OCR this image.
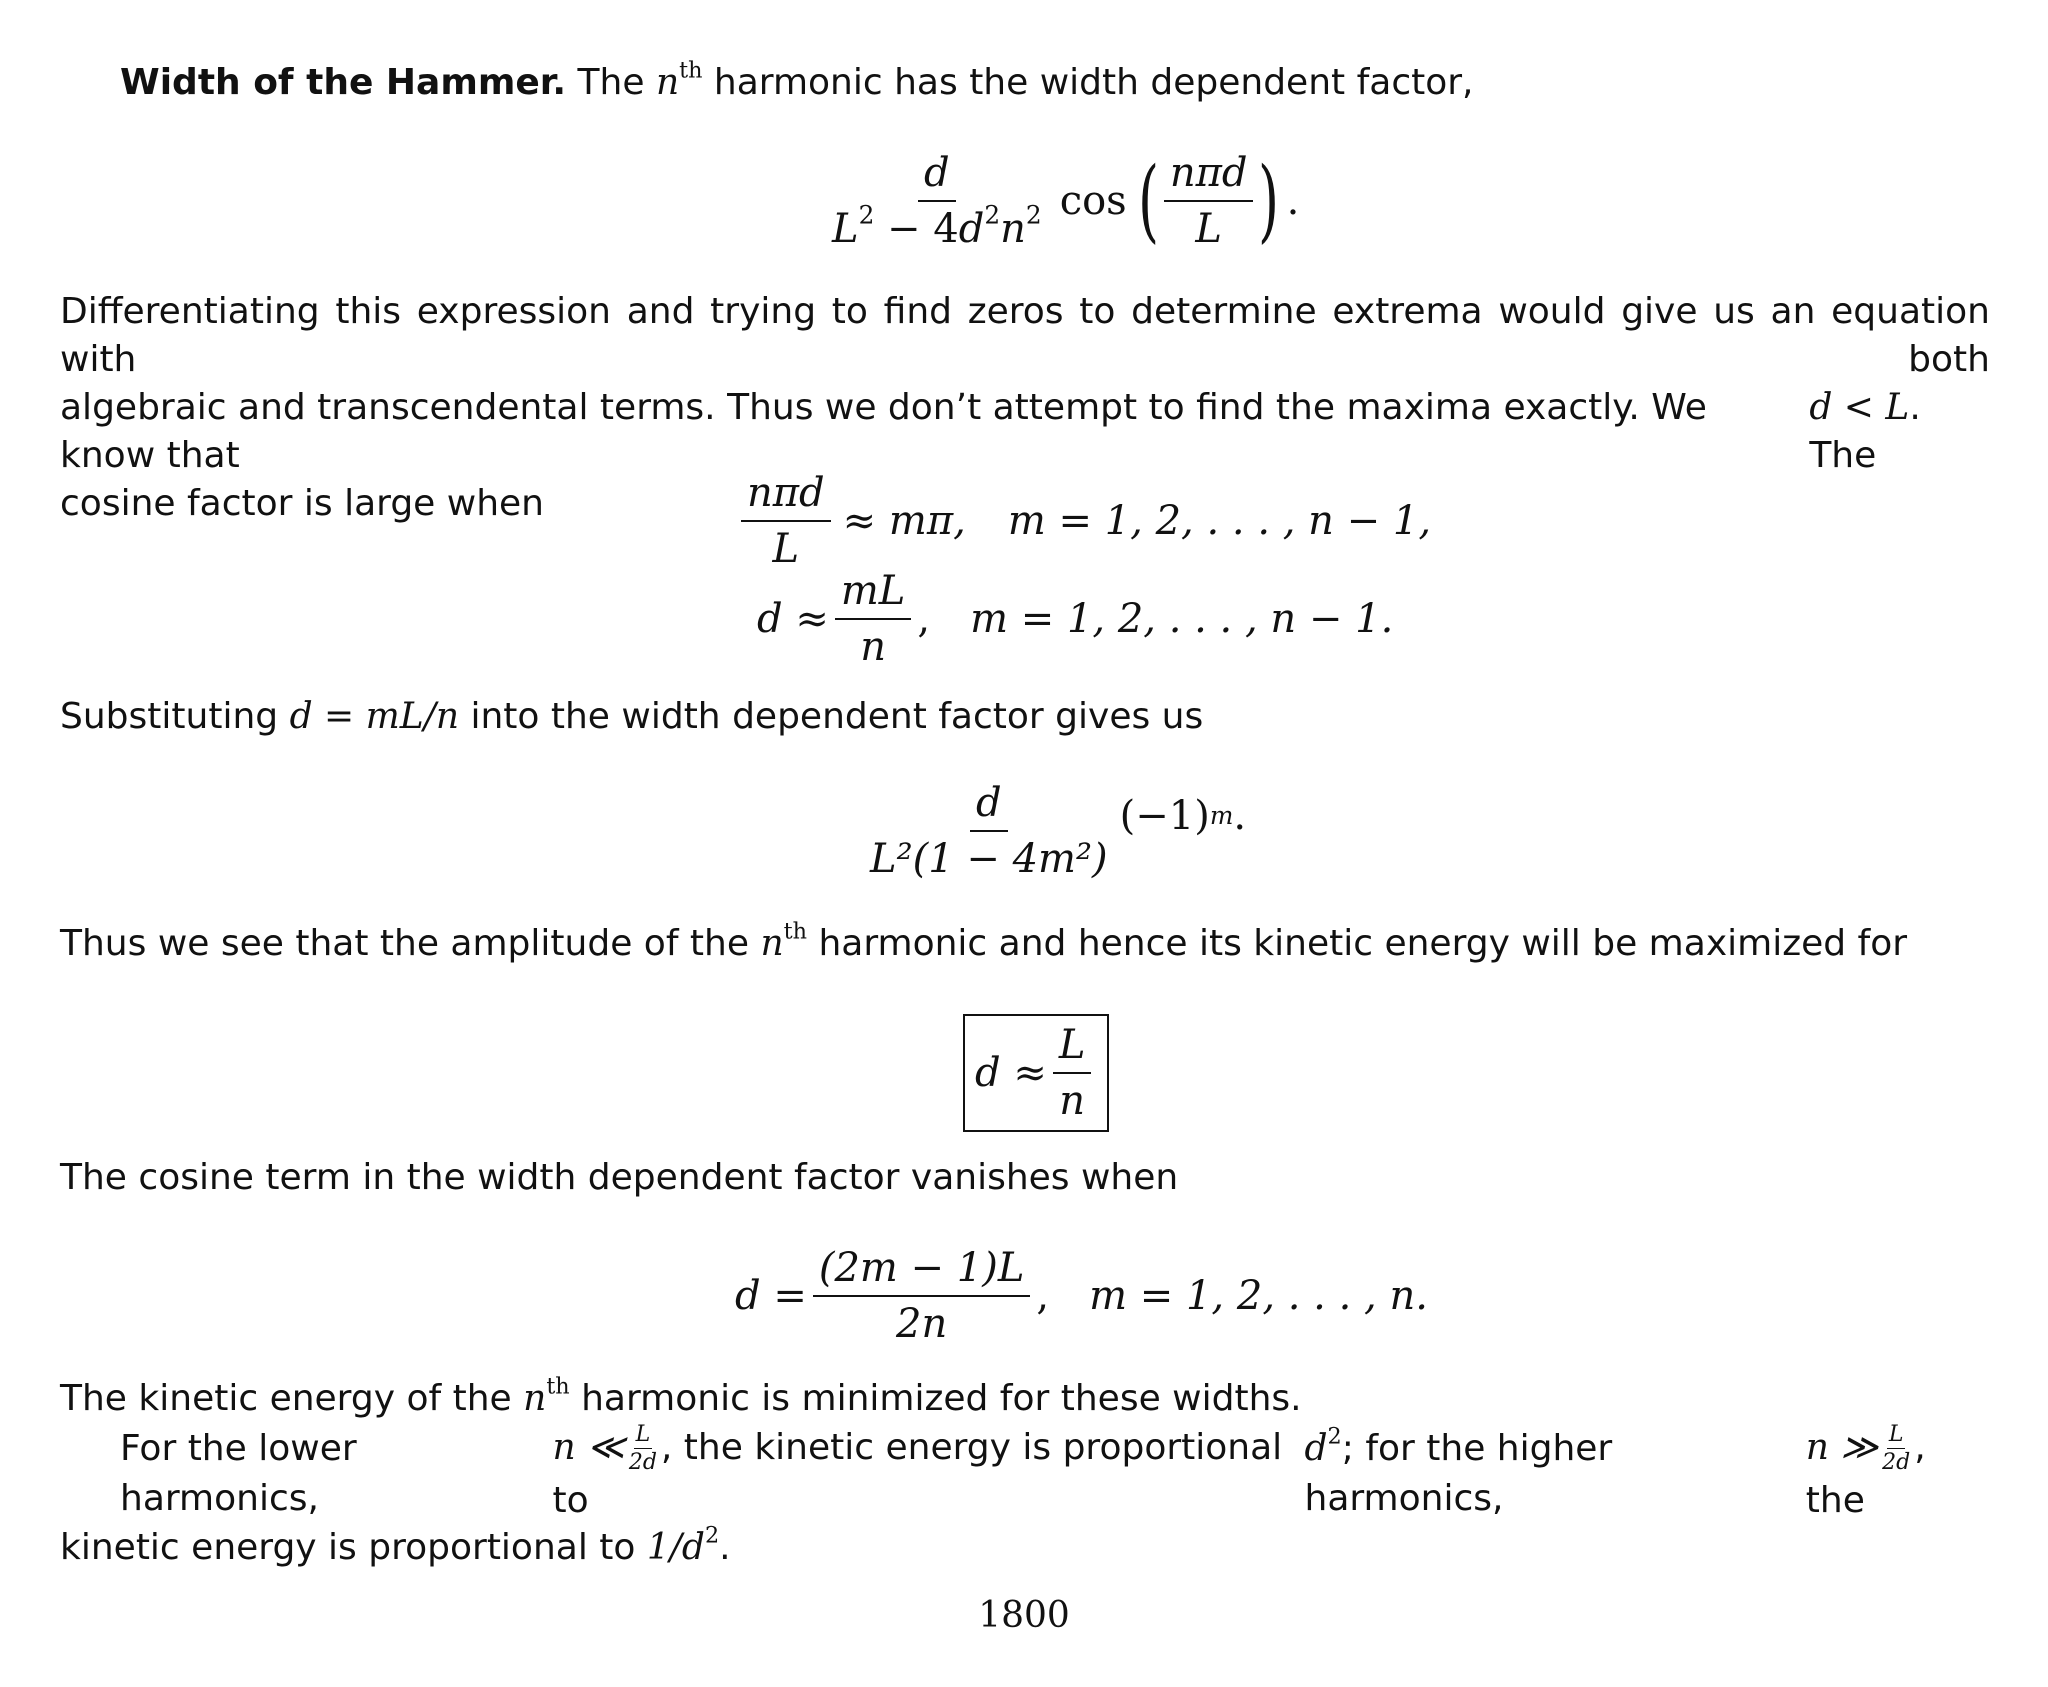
Width of the Hammer. The $n^{th}$ harmonic has the width dependent factor,
$\frac{d}{L^2 - 4d^2n^2}$ cos ( $\frac{\text{nπd}}{L}$ ) .
Differentiating this expression and trying to find zeros to determine extrema would give us an equation with both
algebraic and transcendental terms. Thus we don’t attempt to find the maxima exactly. We know that
d < L. The
cosine factor is large when	$\frac{\text{nπd}}{L} \approx m\pi$, m = 1, 2, . . . , n − 1,
$d \approx \frac{mL}{n}$ , m = 1, 2, . . . , n − 1.
Substituting d = mL/n into the width dependent factor gives us
$\frac{d}{\text{L²(1 − 4m²)}} (-1)$ m .
Thus we see that the amplitude of the $n^{th}$ harmonic and hence its kinetic energy will be maximized for
$d \approx \frac{L}{n}$
The cosine term in the width dependent factor vanishes when
$d = \frac{(2m - 1)L}{2n}$ , m = 1, 2, . . . , n.
The kinetic energy of the $n^{th}$ harmonic is minimized for these widths.
For the lower harmonics,
n ≪ $\frac{L}{2d}$ , the kinetic energy is proportional to
$d^2$; for the higher harmonics,
n ≫ $\frac{L}{2d}$ , the
kinetic energy is proportional to $1/d^2$.
1800
